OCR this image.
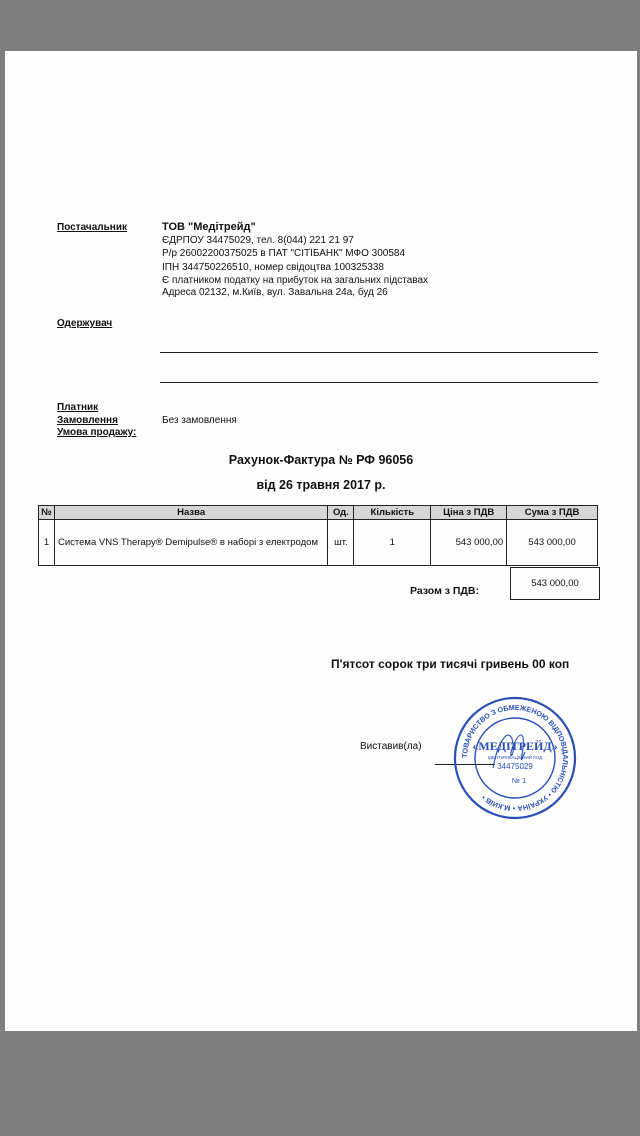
Постачальник	ТОВ "Медітрейд"
ЄДРПОУ 34475029, тел. 8(044) 221 21 97
Р/р 26002200375025 в ПАТ "СІТІБАНК" МФО 300584
ІПН 344750226510, номер свідоцтва 100325338
Є платником податку на прибуток на загальних підставах
Адреса 02132, м.Київ, вул. Завальна 24а, буд 26
Одержувач
Платник
Замовлення	Без замовлення
Умова продажу:
Рахунок-Фактура № РФ 96056
від 26 травня 2017 р.
№	Назва	Од.	Кількість	Ціна з ПДВ	Сума з ПДВ
1	Система VNS Therapy® Demipulse® в наборі з електродом	шт.	1	543 000,00	543 000,00
Разом з ПДВ:
543 000,00
П'ятсот сорок три тисячі гривень 00 коп
Виставив(ла)
ТОВАРИСТВО З ОБМЕЖЕНОЮ ВІДПОВІДАЛЬНІСТЮ • УКРАЇНА • М.КИЇВ •
«МЕДІТРЕЙД»
ІДЕНТИФІКАЦІЙНИЙ КОД
34475029
№ 1
